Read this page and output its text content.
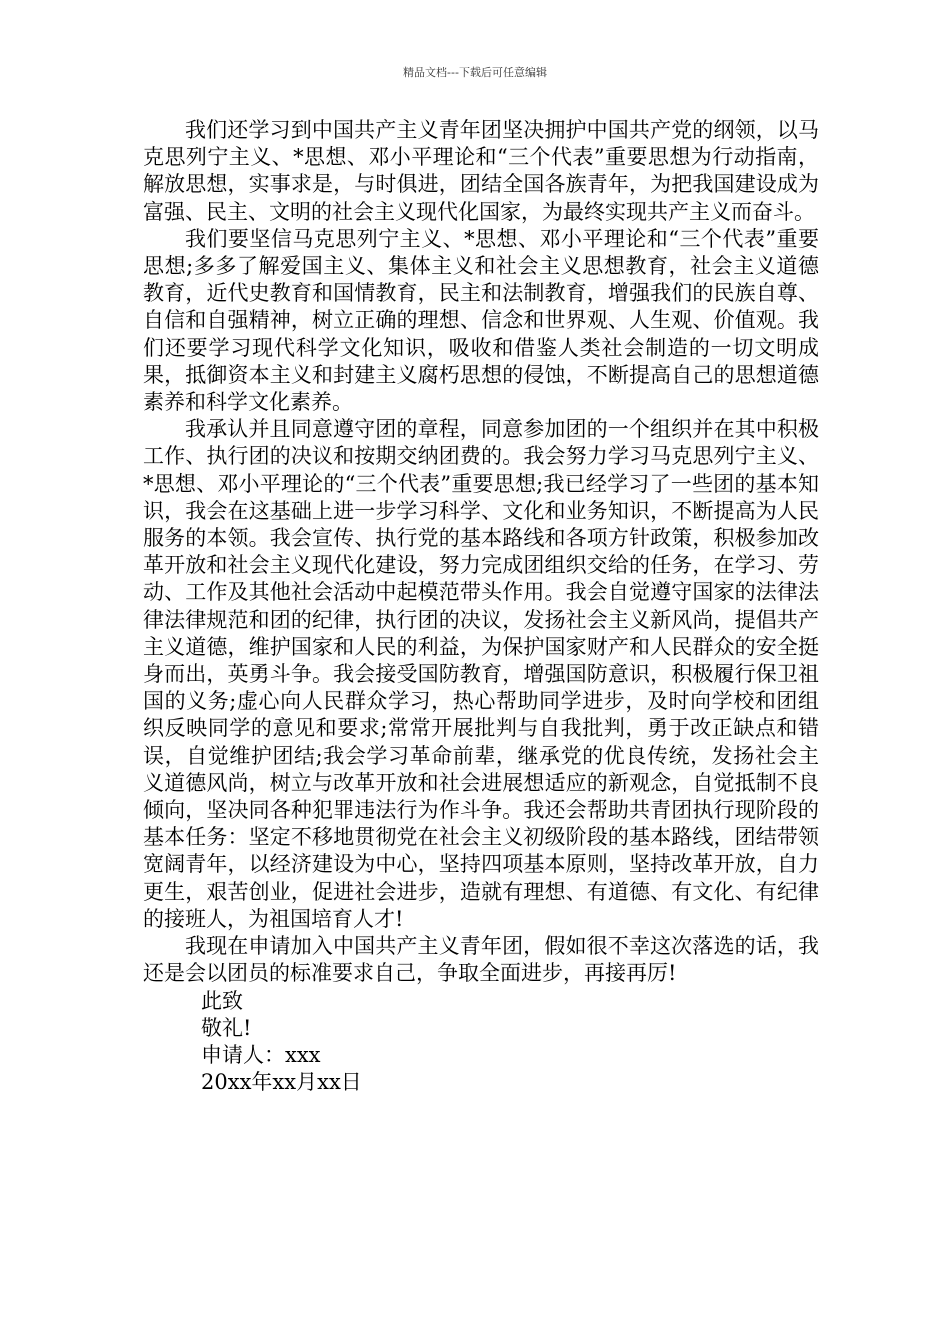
精品文档---下载后可任意编辑

我们还学习到中国共产主义青年团坚决拥护中国共产党的纲领，以马克思列宁主义、*思想、邓小平理论和“三个代表”重要思想为行动指南，解放思想，实事求是，与时俱进，团结全国各族青年，为把我国建设成为富强、民主、文明的社会主义现代化国家，为最终实现共产主义而奋斗。

我们要坚信马克思列宁主义、*思想、邓小平理论和“三个代表”重要思想;多多了解爱国主义、集体主义和社会主义思想教育，社会主义道德教育，近代史教育和国情教育，民主和法制教育，增强我们的民族自尊、自信和自强精神，树立正确的理想、信念和世界观、人生观、价值观。我们还要学习现代科学文化知识，吸收和借鉴人类社会制造的一切文明成果，抵御资本主义和封建主义腐朽思想的侵蚀，不断提高自己的思想道德素养和科学文化素养。

我承认并且同意遵守团的章程，同意参加团的一个组织并在其中积极工作、执行团的决议和按期交纳团费的。我会努力学习马克思列宁主义、*思想、邓小平理论的“三个代表”重要思想;我已经学习了一些团的基本知识，我会在这基础上进一步学习科学、文化和业务知识，不断提高为人民服务的本领。我会宣传、执行党的基本路线和各项方针政策，积极参加改革开放和社会主义现代化建设，努力完成团组织交给的任务，在学习、劳动、工作及其他社会活动中起模范带头作用。我会自觉遵守国家的法律法律法律规范和团的纪律，执行团的决议，发扬社会主义新风尚，提倡共产主义道德，维护国家和人民的利益，为保护国家财产和人民群众的安全挺身而出，英勇斗争。我会接受国防教育，增强国防意识，积极履行保卫祖国的义务;虚心向人民群众学习，热心帮助同学进步，及时向学校和团组织反映同学的意见和要求;常常开展批判与自我批判，勇于改正缺点和错误，自觉维护团结;我会学习革命前辈，继承党的优良传统，发扬社会主义道德风尚，树立与改革开放和社会进展想适应的新观念，自觉抵制不良倾向，坚决同各种犯罪违法行为作斗争。我还会帮助共青团执行现阶段的基本任务：坚定不移地贯彻党在社会主义初级阶段的基本路线，团结带领宽阔青年，以经济建设为中心，坚持四项基本原则，坚持改革开放，自力更生，艰苦创业，促进社会进步，造就有理想、有道德、有文化、有纪律的接班人，为祖国培育人才!

我现在申请加入中国共产主义青年团，假如很不幸这次落选的话，我还是会以团员的标准要求自己，争取全面进步，再接再厉!

此致

敬礼!

申请人：xxx

20xx年xx月xx日
